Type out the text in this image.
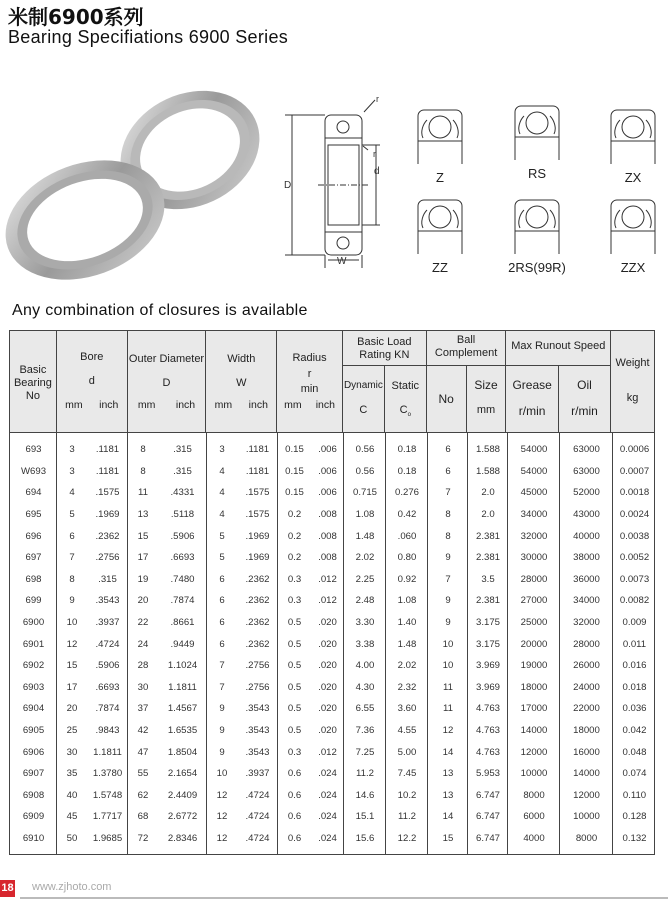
米制6900系列
Bearing Specifiations 6900 Series
D
d
W
r
r
Z	RS	ZX
ZZ	2RS(99R)	ZZX
Any combination of closures is available
Basic
Bearing
No
Bore
d
mm inch
Outer Diameter
D
mm inch
Width
W
mm inch
Radius
r
min
mm inch
Basic Load
Rating KN
Dynamic
C
Static
$C_o$
Ball
Complement
No
Size
mm
Max Runout Speed
Grease
r/min
Oil
r/min
Weight
kg

693	3	.1181	8	.315	3	.1181	0.15	.006	0.56	0.18	6	1.588	54000	63000	0.0006
W693	3	.1181	8	.315	4	.1181	0.15	.006	0.56	0.18	6	1.588	54000	63000	0.0007
694	4	.1575	11	.4331	4	.1575	0.15	.006	0.715	0.276	7	2.0	45000	52000	0.0018
695	5	.1969	13	.5118	4	.1575	0.2	.008	1.08	0.42	8	2.0	34000	43000	0.0024
696	6	.2362	15	.5906	5	.1969	0.2	.008	1.48	.060	8	2.381	32000	40000	0.0038
697	7	.2756	17	.6693	5	.1969	0.2	.008	2.02	0.80	9	2.381	30000	38000	0.0052
698	8	.315	19	.7480	6	.2362	0.3	.012	2.25	0.92	7	3.5	28000	36000	0.0073
699	9	.3543	20	.7874	6	.2362	0.3	.012	2.48	1.08	9	2.381	27000	34000	0.0082
6900	10	.3937	22	.8661	6	.2362	0.5	.020	3.30	1.40	9	3.175	25000	32000	0.009
6901	12	.4724	24	.9449	6	.2362	0.5	.020	3.38	1.48	10	3.175	20000	28000	0.011
6902	15	.5906	28	1.1024	7	.2756	0.5	.020	4.00	2.02	10	3.969	19000	26000	0.016
6903	17	.6693	30	1.1811	7	.2756	0.5	.020	4.30	2.32	11	3.969	18000	24000	0.018
6904	20	.7874	37	1.4567	9	.3543	0.5	.020	6.55	3.60	11	4.763	17000	22000	0.036
6905	25	.9843	42	1.6535	9	.3543	0.5	.020	7.36	4.55	12	4.763	14000	18000	0.042
6906	30	1.1811	47	1.8504	9	.3543	0.3	.012	7.25	5.00	14	4.763	12000	16000	0.048
6907	35	1.3780	55	2.1654	10	.3937	0.6	.024	11.2	7.45	13	5.953	10000	14000	0.074
6908	40	1.5748	62	2.4409	12	.4724	0.6	.024	14.6	10.2	13	6.747	8000	12000	0.110
6909	45	1.7717	68	2.6772	12	.4724	0.6	.024	15.1	11.2	14	6.747	6000	10000	0.128
6910	50	1.9685	72	2.8346	12	.4724	0.6	.024	15.6	12.2	15	6.747	4000	8000	0.132
18 www.zjhoto.com
